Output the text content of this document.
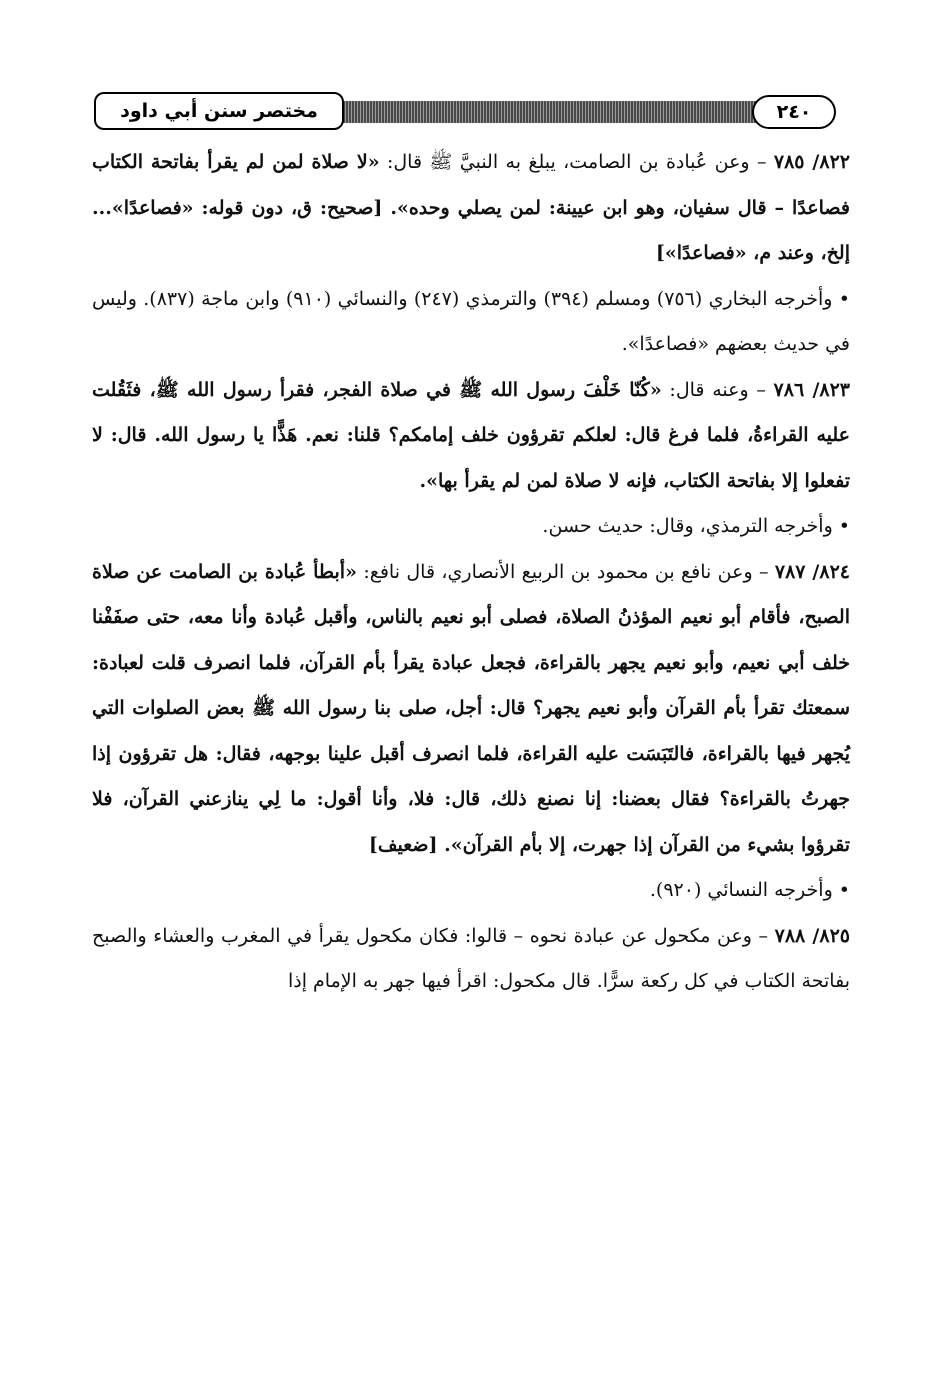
مختصر سنن أبي داود	٢٤٠

٨٢٢/ ٧٨٥ – وعن عُبادة بن الصامت، يبلغ به النبيَّ ﷺ قال: «لا صلاة لمن لم يقرأ بفاتحة الكتاب فصاعدًا – قال سفيان، وهو ابن عيينة: لمن يصلي وحده». [صحيح: ق، دون قوله: «فصاعدًا»... إلخ، وعند م، «فصاعدًا»]

• وأخرجه البخاري (٧٥٦) ومسلم (٣٩٤) والترمذي (٢٤٧) والنسائي (٩١٠) وابن ماجة (٨٣٧). وليس في حديث بعضهم «فصاعدًا».

٨٢٣/ ٧٨٦ – وعنه قال: «كُنّا خَلْفَ رسول الله ﷺ في صلاة الفجر، فقرأ رسول الله ﷺ، فثَقُلت عليه القراءةُ، فلما فرغ قال: لعلكم تقرؤون خلف إمامكم؟ قلنا: نعم. هَذًّا يا رسول الله. قال: لا تفعلوا إلا بفاتحة الكتاب، فإنه لا صلاة لمن لم يقرأ بها».

• وأخرجه الترمذي، وقال: حديث حسن.

٨٢٤/ ٧٨٧ – وعن نافع بن محمود بن الربيع الأنصاري، قال نافع: «أبطأ عُبادة بن الصامت عن صلاة الصبح، فأقام أبو نعيم المؤذنُ الصلاة، فصلى أبو نعيم بالناس، وأقبل عُبادة وأنا معه، حتى صفَفْنا خلف أبي نعيم، وأبو نعيم يجهر بالقراءة، فجعل عبادة يقرأ بأم القرآن، فلما انصرف قلت لعبادة: سمعتك تقرأ بأم القرآن وأبو نعيم يجهر؟ قال: أجل، صلى بنا رسول الله ﷺ بعض الصلوات التي يُجهر فيها بالقراءة، فالتَبَسَت عليه القراءة، فلما انصرف أقبل علينا بوجهه، فقال: هل تقرؤون إذا جهرتُ بالقراءة؟ فقال بعضنا: إنا نصنع ذلك، قال: فلا، وأنا أقول: ما لِي ينازعني القرآن، فلا تقرؤوا بشيء من القرآن إذا جهرت، إلا بأم القرآن». [ضعيف]

• وأخرجه النسائي (٩٢٠).

٨٢٥/ ٧٨٨ – وعن مكحول عن عبادة نحوه – قالوا: فكان مكحول يقرأ في المغرب والعشاء والصبح بفاتحة الكتاب في كل ركعة سرًّا. قال مكحول: اقرأ فيها جهر به الإمام إذا
